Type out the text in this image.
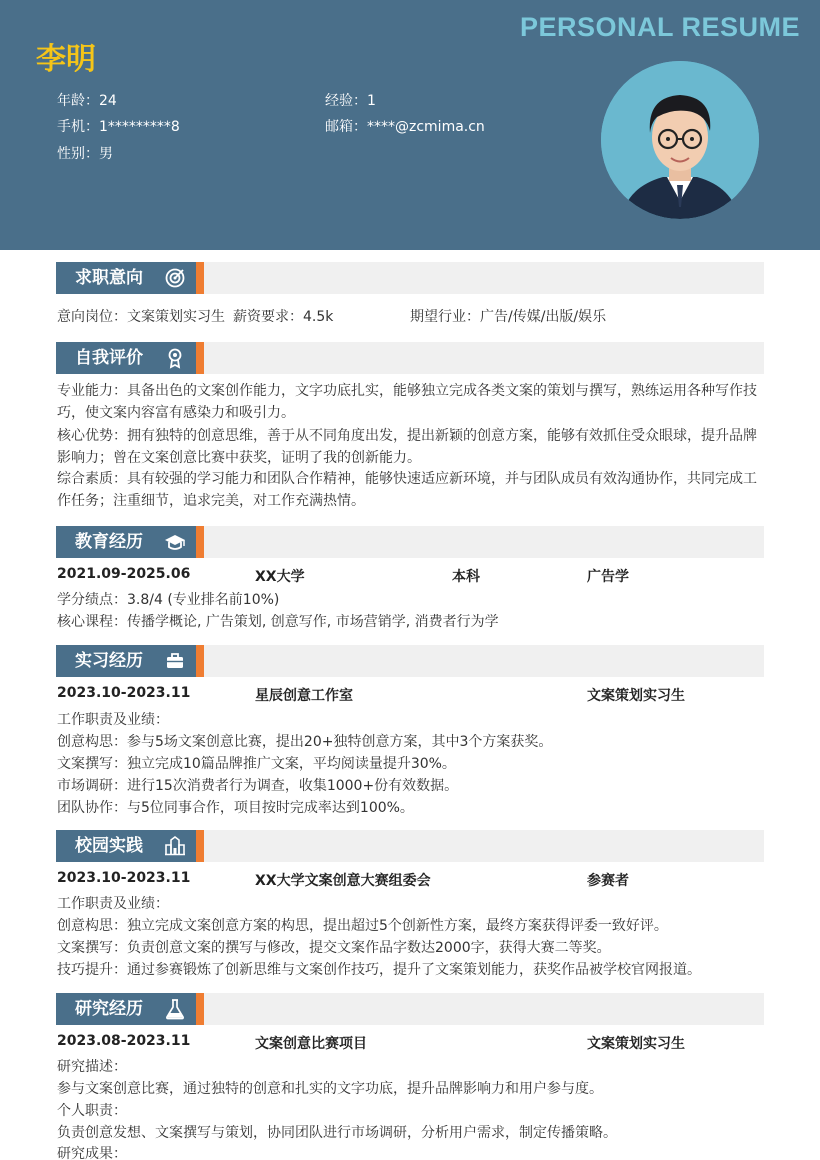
PERSONAL RESUME
李明
年龄：24	经验：1
手机：1*********8	邮箱：****@zcmima.cn
性别：男
求职意向
意向岗位：文案策划实习生 薪资要求：4.5k	期望行业：广告/传媒/出版/娱乐
自我评价
专业能力：具备出色的文案创作能力，文字功底扎实，能够独立完成各类文案的策划与撰写，熟练运用各种写作技巧，使文案内容富有感染力和吸引力。
核心优势：拥有独特的创意思维，善于从不同角度出发，提出新颖的创意方案，能够有效抓住受众眼球，提升品牌影响力；曾在文案创意比赛中获奖，证明了我的创新能力。
综合素质：具有较强的学习能力和团队合作精神，能够快速适应新环境，并与团队成员有效沟通协作，共同完成工作任务；注重细节，追求完美，对工作充满热情。
教育经历
2021.09-2025.06	XX大学	本科	广告学
学分绩点：3.8/4 (专业排名前10%)
核心课程：传播学概论, 广告策划, 创意写作, 市场营销学, 消费者行为学
实习经历
2023.10-2023.11	星辰创意工作室	文案策划实习生
工作职责及业绩：
创意构思：参与5场文案创意比赛，提出20+独特创意方案，其中3个方案获奖。
文案撰写：独立完成10篇品牌推广文案，平均阅读量提升30%。
市场调研：进行15次消费者行为调查，收集1000+份有效数据。
团队协作：与5位同事合作，项目按时完成率达到100%。
校园实践
2023.10-2023.11	XX大学文案创意大赛组委会	参赛者
工作职责及业绩：
创意构思：独立完成文案创意方案的构思，提出超过5个创新性方案，最终方案获得评委一致好评。
文案撰写：负责创意文案的撰写与修改，提交文案作品字数达2000字，获得大赛二等奖。
技巧提升：通过参赛锻炼了创新思维与文案创作技巧，提升了文案策划能力，获奖作品被学校官网报道。
研究经历
2023.08-2023.11	文案创意比赛项目	文案策划实习生
研究描述：
参与文案创意比赛，通过独特的创意和扎实的文字功底，提升品牌影响力和用户参与度。
个人职责：
负责创意发想、文案撰写与策划，协同团队进行市场调研，分析用户需求，制定传播策略。
研究成果：
